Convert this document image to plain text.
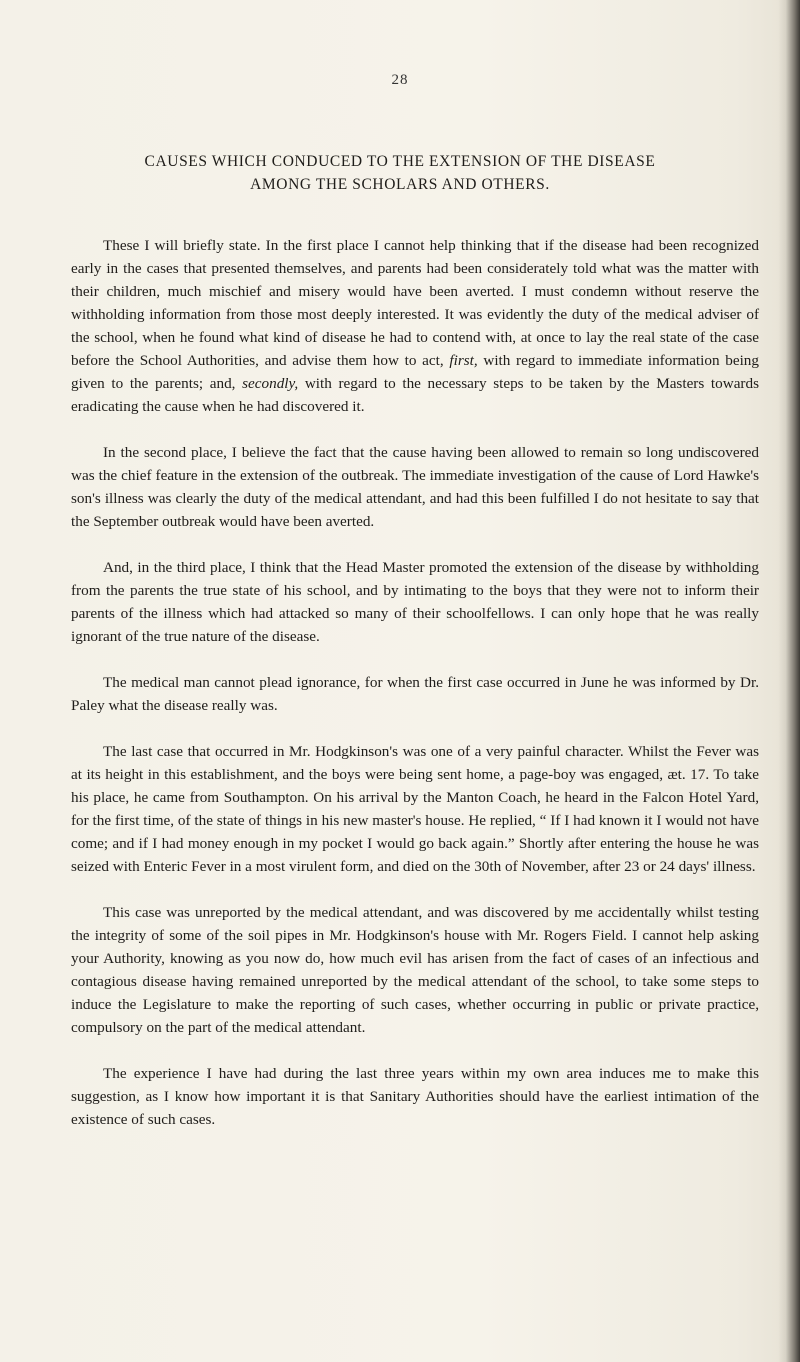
28
CAUSES WHICH CONDUCED TO THE EXTENSION OF THE DISEASE
AMONG THE SCHOLARS AND OTHERS.

These I will briefly state. In the first place I cannot help thinking that if the disease had been recognized early in the cases that presented themselves, and parents had been considerately told what was the matter with their children, much mischief and misery would have been averted. I must condemn without reserve the withholding information from those most deeply interested. It was evidently the duty of the medical adviser of the school, when he found what kind of disease he had to contend with, at once to lay the real state of the case before the School Authorities, and advise them how to act, first, with regard to immediate information being given to the parents; and, secondly, with regard to the necessary steps to be taken by the Masters towards eradicating the cause when he had discovered it.

In the second place, I believe the fact that the cause having been allowed to remain so long undiscovered was the chief feature in the extension of the outbreak. The immediate investigation of the cause of Lord Hawke's son's illness was clearly the duty of the medical attendant, and had this been fulfilled I do not hesitate to say that the September outbreak would have been averted.

And, in the third place, I think that the Head Master promoted the extension of the disease by withholding from the parents the true state of his school, and by intimating to the boys that they were not to inform their parents of the illness which had attacked so many of their schoolfellows. I can only hope that he was really ignorant of the true nature of the disease.

The medical man cannot plead ignorance, for when the first case occurred in June he was informed by Dr. Paley what the disease really was.

The last case that occurred in Mr. Hodgkinson's was one of a very painful character. Whilst the Fever was at its height in this establishment, and the boys were being sent home, a page-boy was engaged, æt. 17. To take his place, he came from Southampton. On his arrival by the Manton Coach, he heard in the Falcon Hotel Yard, for the first time, of the state of things in his new master's house. He replied, “ If I had known it I would not have come; and if I had money enough in my pocket I would go back again.” Shortly after entering the house he was seized with Enteric Fever in a most virulent form, and died on the 30th of November, after 23 or 24 days' illness.

This case was unreported by the medical attendant, and was discovered by me accidentally whilst testing the integrity of some of the soil pipes in Mr. Hodgkinson's house with Mr. Rogers Field. I cannot help asking your Authority, knowing as you now do, how much evil has arisen from the fact of cases of an infectious and contagious disease having remained unreported by the medical attendant of the school, to take some steps to induce the Legislature to make the reporting of such cases, whether occurring in public or private practice, compulsory on the part of the medical attendant.

The experience I have had during the last three years within my own area induces me to make this suggestion, as I know how important it is that Sanitary Authorities should have the earliest intimation of the existence of such cases.
